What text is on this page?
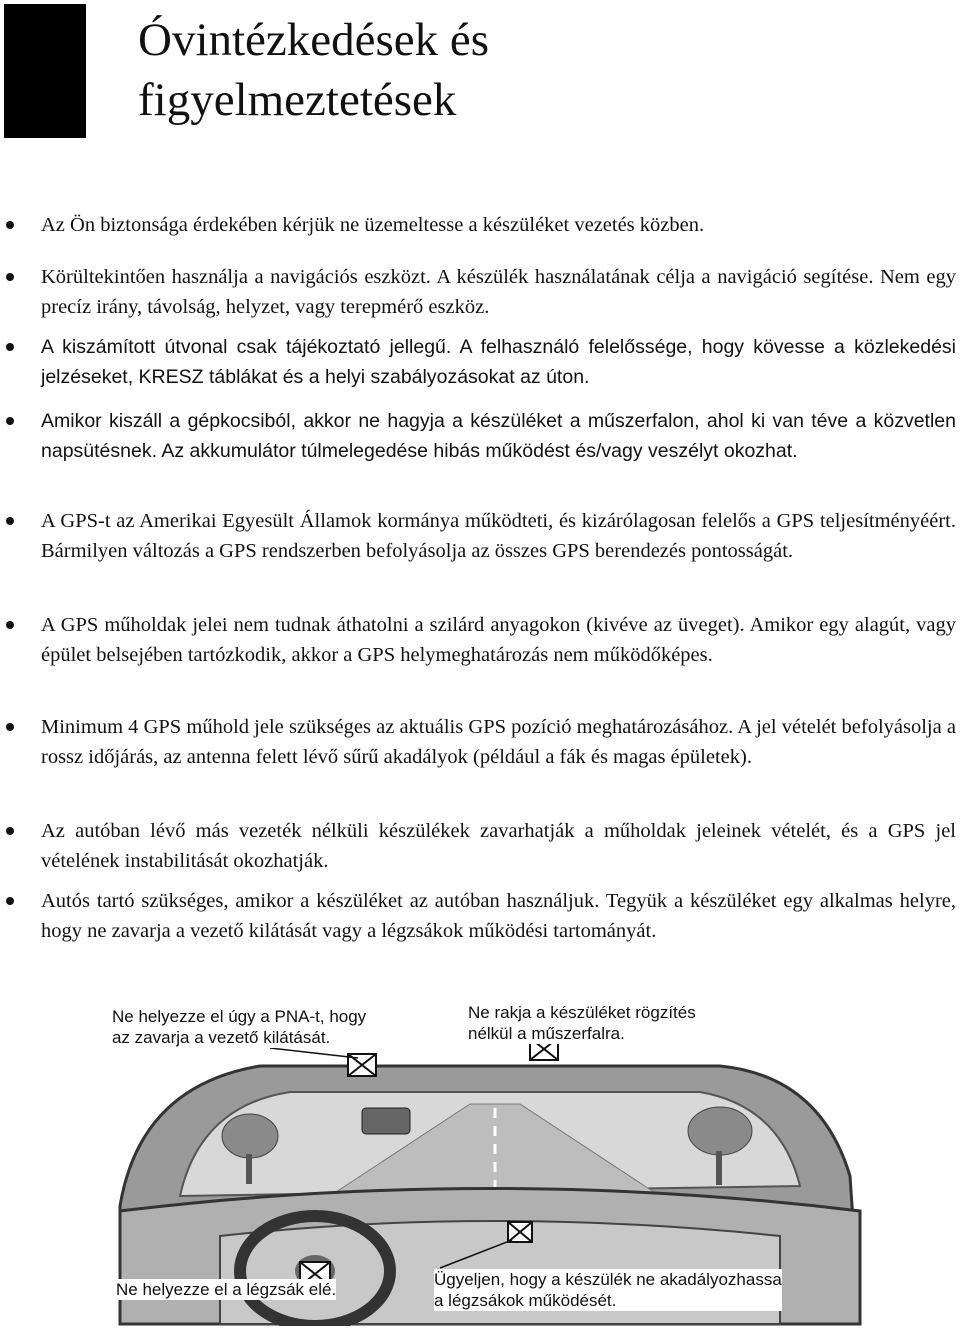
Óvintézkedések és
figyelmeztetések
Az Ön biztonsága érdekében kérjük ne üzemeltesse a készüléket vezetés közben.
Körültekintően használja a navigációs eszközt. A készülék használatának célja a navigáció segítése. Nem egy precíz irány, távolság, helyzet, vagy terepmérő eszköz.
A kiszámított útvonal csak tájékoztató jellegű. A felhasználó felelőssége, hogy kövesse a közlekedési jelzéseket, KRESZ táblákat és a helyi szabályozásokat az úton.
Amikor kiszáll a gépkocsiból, akkor ne hagyja a készüléket a műszerfalon, ahol ki van téve a közvetlen napsütésnek. Az akkumulátor túlmelegedése hibás működést és/vagy veszélyt okozhat.
A GPS-t az Amerikai Egyesült Államok kormánya működteti, és kizárólagosan felelős a GPS teljesítményéért. Bármilyen változás a GPS rendszerben befolyásolja az összes GPS berendezés pontosságát.
A GPS műholdak jelei nem tudnak áthatolni a szilárd anyagokon (kivéve az üveget). Amikor egy alagút, vagy épület belsejében tartózkodik, akkor a GPS helymeghatározás nem működőképes.
Minimum 4 GPS műhold jele szükséges az aktuális GPS pozíció meghatározásához. A jel vételét befolyásolja a rossz időjárás, az antenna felett lévő sűrű akadályok (például a fák és magas épületek).
Az autóban lévő más vezeték nélküli készülékek zavarhatják a műholdak jeleinek vételét, és a GPS jel vételének instabilitását okozhatják.
Autós tartó szükséges, amikor a készüléket az autóban használjuk. Tegyük a készüléket egy alkalmas helyre, hogy ne zavarja a vezető kilátását vagy a légzsákok működési tartományát.
Ne helyezze el úgy a PNA-t, hogy
az zavarja a vezető kilátását.
Ne rakja a készüléket rögzítés
nélkül a műszerfalra.
Ne helyezze el a légzsák elé.
Ügyeljen, hogy a készülék ne akadályozhassa
a légzsákok működését.
